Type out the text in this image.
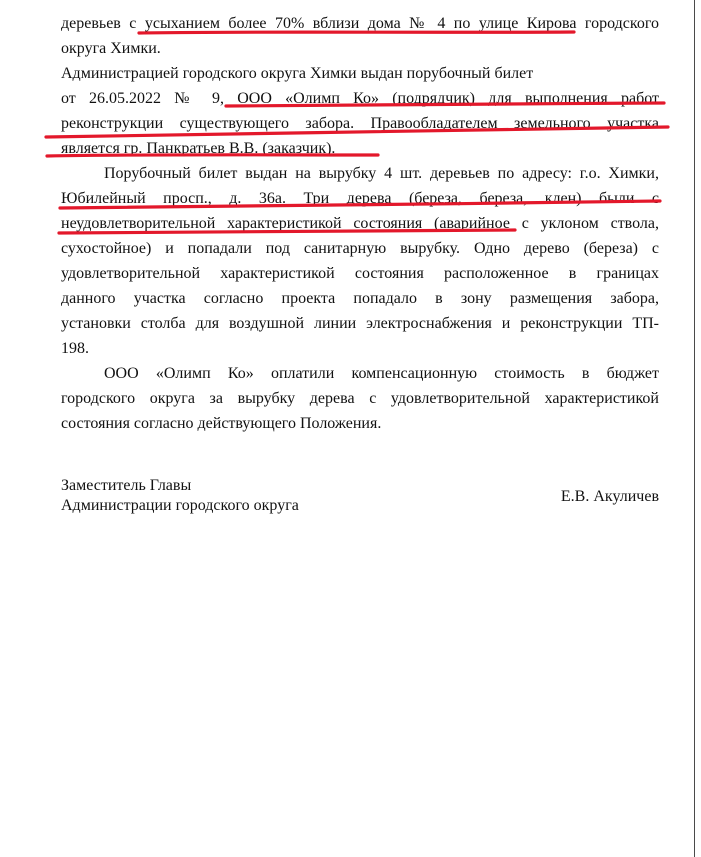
деревьев с усыханием более 70% вблизи дома № 4 по улице Кирова городского
округа Химки.
Администрацией городского округа Химки выдан порубочный билет
от 26.05.2022 № 9, ООО «Олимп Ко» (подрядчик) для выполнения работ
реконструкции существующего забора. Правообладателем земельного участка
является гр. Панкратьев В.В. (заказчик).
Порубочный билет выдан на вырубку 4 шт. деревьев по адресу: г.о. Химки,
Юбилейный просп., д. 36а. Три дерева (береза, береза, клен) были с
неудовлетворительной характеристикой состояния (аварийное с уклоном ствола,
сухостойное) и попадали под санитарную вырубку. Одно дерево (береза) с
удовлетворительной характеристикой состояния расположенное в границах
данного участка согласно проекта попадало в зону размещения забора,
установки столба для воздушной линии электроснабжения и реконструкции ТП-
198.
ООО «Олимп Ко» оплатили компенсационную стоимость в бюджет
городского округа за вырубку дерева с удовлетворительной характеристикой
состояния согласно действующего Положения.
Заместитель Главы
Администрации городского округа
Е.В. Акуличев
